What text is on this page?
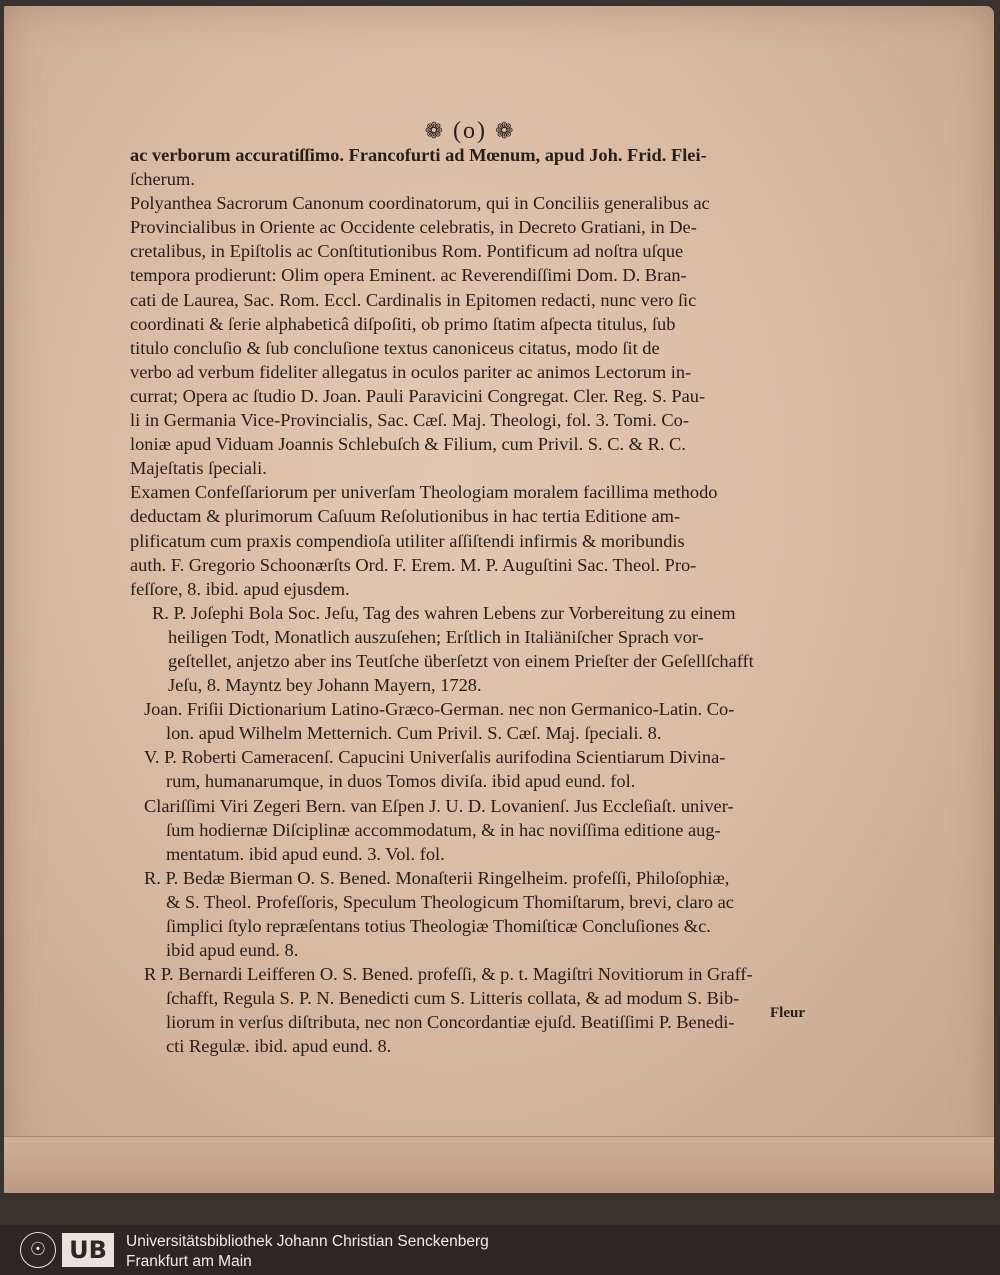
❁ (o) ❁
ac verborum accuratiſſimo. Francofurti ad Mœnum, apud Joh. Frid. Flei-
ſcherum.
Polyanthea Sacrorum Canonum coordinatorum, qui in Conciliis generalibus ac
Provincialibus in Oriente ac Occidente celebratis, in Decreto Gratiani, in De-
cretalibus, in Epiſtolis ac Conſtitutionibus Rom. Pontificum ad noſtra uſque
tempora prodierunt: Olim opera Eminent. ac Reverendiſſimi Dom. D. Bran-
cati de Laurea, Sac. Rom. Eccl. Cardinalis in Epitomen redacti, nunc vero ſic
coordinati & ſerie alphabeticâ diſpoſiti, ob primo ſtatim aſpecta titulus, ſub
titulo concluſio & ſub concluſione textus canoniceus citatus, modo ſit de
verbo ad verbum fideliter allegatus in oculos pariter ac animos Lectorum in-
currat; Opera ac ſtudio D. Joan. Pauli Paravicini Congregat. Cler. Reg. S. Pau-
li in Germania Vice-Provincialis, Sac. Cæſ. Maj. Theologi, fol. 3. Tomi. Co-
loniæ apud Viduam Joannis Schlebuſch & Filium, cum Privil. S. C. & R. C.
Majeſtatis ſpeciali.
Examen Confeſſariorum per univerſam Theologiam moralem facillima methodo
deductam & plurimorum Caſuum Reſolutionibus in hac tertia Editione am-
plificatum cum praxis compendioſa utiliter aſſiſtendi infirmis & moribundis
auth. F. Gregorio Schoonærſts Ord. F. Erem. M. P. Auguſtini Sac. Theol. Pro-
feſſore, 8. ibid. apud ejusdem.
R. P. Joſephi Bola Soc. Jeſu, Tag des wahren Lebens zur Vorbereitung zu einem
heiligen Todt, Monatlich auszuſehen; Erſtlich in Italiäniſcher Sprach vor-
geſtellet, anjetzo aber ins Teutſche überſetzt von einem Prieſter der Geſellſchafft
Jeſu, 8. Mayntz bey Johann Mayern, 1728.
Joan. Friſii Dictionarium Latino-Græco-German. nec non Germanico-Latin. Co-
lon. apud Wilhelm Metternich. Cum Privil. S. Cæſ. Maj. ſpeciali. 8.
V. P. Roberti Cameracenſ. Capucini Univerſalis aurifodina Scientiarum Divina-
rum, humanarumque, in duos Tomos diviſa. ibid apud eund. fol.
Clariſſimi Viri Zegeri Bern. van Eſpen J. U. D. Lovanienſ. Jus Eccleſiaſt. univer-
ſum hodiernæ Diſciplinæ accommodatum, & in hac noviſſima editione aug-
mentatum. ibid apud eund. 3. Vol. fol.
R. P. Bedæ Bierman O. S. Bened. Monaſterii Ringelheim. profeſſi, Philoſophiæ,
& S. Theol. Profeſſoris, Speculum Theologicum Thomiſtarum, brevi, claro ac
ſimplici ſtylo repræſentans totius Theologiæ Thomiſticæ Concluſiones &c.
ibid apud eund. 8.
R P. Bernardi Leifferen O. S. Bened. profeſſi, & p. t. Magiſtri Novitiorum in Graff-
ſchafft, Regula S. P. N. Benedicti cum S. Litteris collata, & ad modum S. Bib-
liorum in verſus diſtributa, nec non Concordantiæ ejuſd. Beatiſſimi P. Benedi-
cti Regulæ. ibid. apud eund. 8.
Fleur
☉ UB	Universitätsbibliothek Johann Christian Senckenberg
Frankfurt am Main
